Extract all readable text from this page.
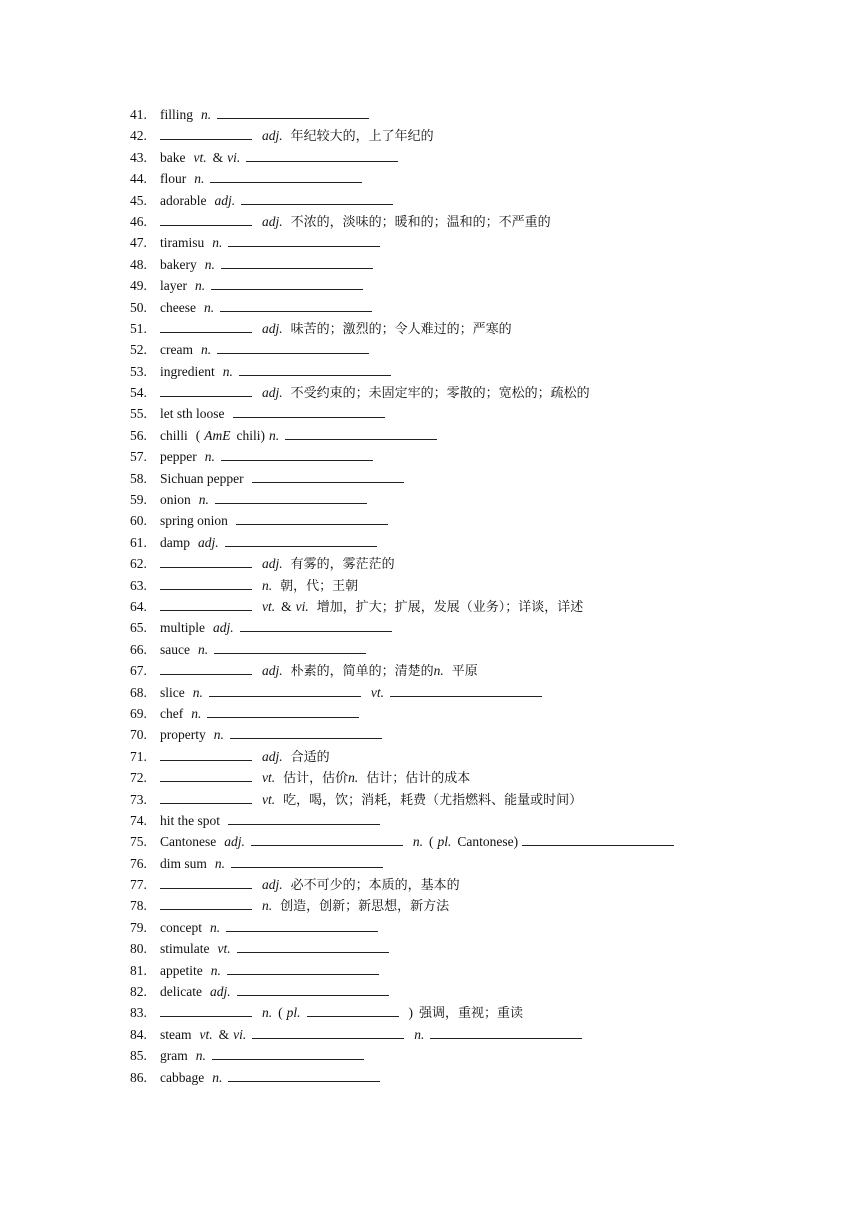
41. filling n.
42.	adj. 年纪较大的，上了年纪的
43. bake vt. & vi.
44. flour n.
45. adorable adj.
46.	adj. 不浓的，淡味的；暖和的；温和的；不严重的
47. tiramisu n.
48. bakery n.
49. layer n.
50. cheese n.
51.	adj. 味苦的；激烈的；令人难过的；严寒的
52. cream n.
53. ingredient n.
54.	adj. 不受约束的；未固定牢的；零散的；宽松的；疏松的
55. let sth loose
56. chilli ( AmE chili) n.
57. pepper n.
58. Sichuan pepper
59. onion n.
60. spring onion
61. damp adj.
62.	adj. 有雾的，雾茫茫的
63.	n. 朝，代；王朝
64.	vt. & vi. 增加，扩大；扩展，发展（业务）；详谈，详述
65. multiple adj.
66. sauce n.
67.	adj. 朴素的，简单的；清楚的 n. 平原
68. slice n.	vt.
69. chef n.
70. property n.
71.	adj. 合适的
72.	vt. 估计，估价 n. 估计；估计的成本
73.	vt. 吃，喝，饮；消耗，耗费（尤指燃料、能量或时间）
74. hit the spot
75. Cantonese adj.	n. ( pl. Cantonese)
76. dim sum n.
77.	adj. 必不可少的；本质的，基本的
78.	n. 创造，创新；新思想，新方法
79. concept n.
80. stimulate vt.
81. appetite n.
82. delicate adj.
83.	n. ( pl.	) 强调，重视；重读
84. steam vt. & vi.	n.
85. gram n.
86. cabbage n.
